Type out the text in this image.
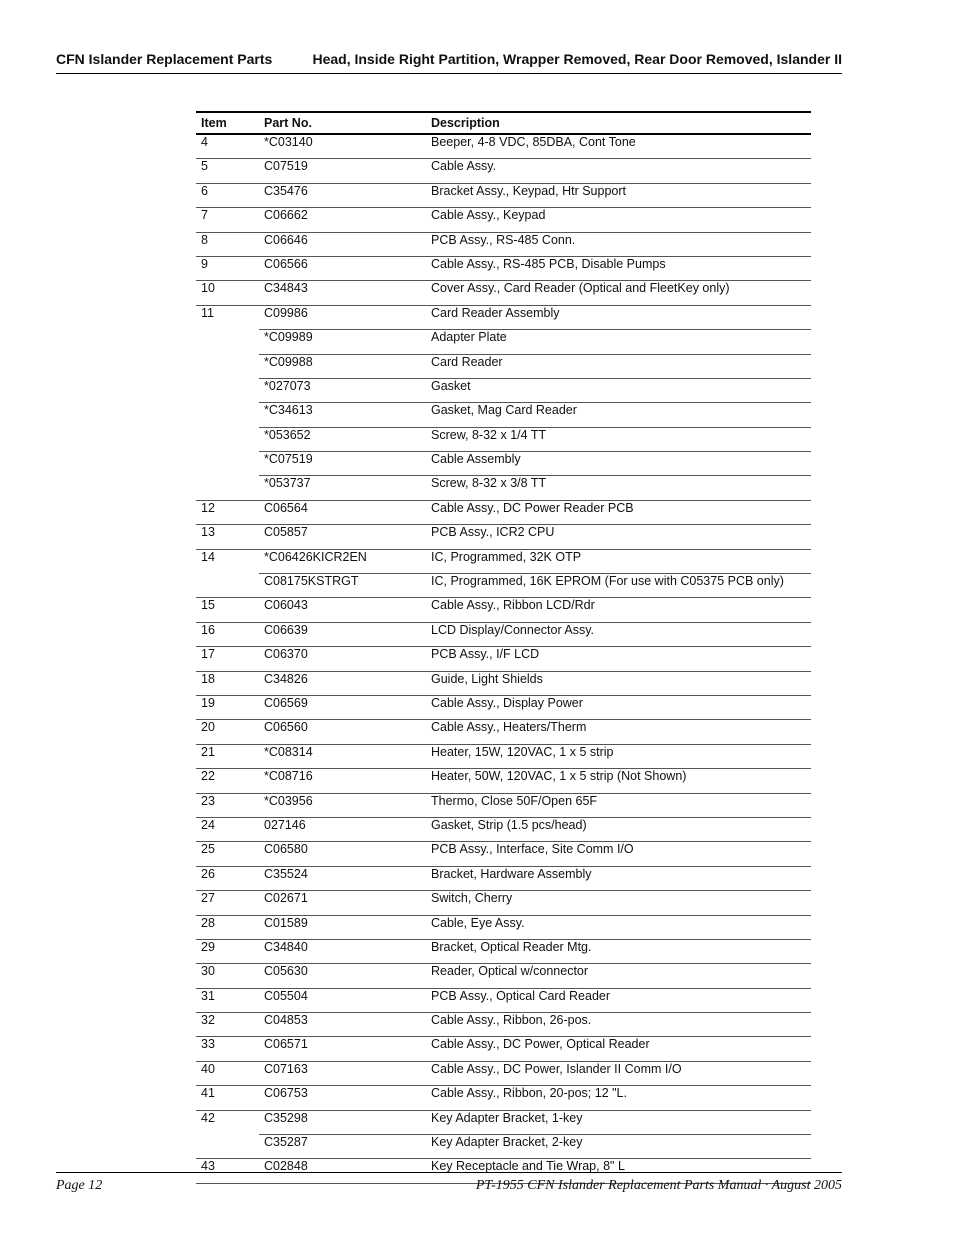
CFN Islander Replacement Parts	Head, Inside Right Partition, Wrapper Removed, Rear Door Removed, Islander II
Item	Part No.	Description
4	*C03140	Beeper, 4-8 VDC, 85DBA, Cont Tone
5	C07519	Cable Assy.
6	C35476	Bracket Assy., Keypad, Htr Support
7	C06662	Cable Assy., Keypad
8	C06646	PCB Assy., RS-485 Conn.
9	C06566	Cable Assy., RS-485 PCB, Disable Pumps
10	C34843	Cover Assy., Card Reader (Optical and FleetKey only)
11	C09986	Card Reader Assembly
	*C09989	Adapter Plate
	*C09988	Card Reader
	*027073	Gasket
	*C34613	Gasket, Mag Card Reader
	*053652	Screw, 8-32 x 1/4 TT
	*C07519	Cable Assembly
	*053737	Screw, 8-32 x 3/8 TT
12	C06564	Cable Assy., DC Power Reader PCB
13	C05857	PCB Assy., ICR2 CPU
14	*C06426KICR2EN	IC, Programmed, 32K OTP
	C08175KSTRGT	IC, Programmed, 16K EPROM (For use with C05375 PCB only)
15	C06043	Cable Assy., Ribbon LCD/Rdr
16	C06639	LCD Display/Connector Assy.
17	C06370	PCB Assy., I/F LCD
18	C34826	Guide, Light Shields
19	C06569	Cable Assy., Display Power
20	C06560	Cable Assy., Heaters/Therm
21	*C08314	Heater, 15W, 120VAC, 1 x 5 strip
22	*C08716	Heater, 50W, 120VAC, 1 x 5 strip (Not Shown)
23	*C03956	Thermo, Close 50F/Open 65F
24	027146	Gasket, Strip (1.5 pcs/head)
25	C06580	PCB Assy., Interface, Site Comm I/O
26	C35524	Bracket, Hardware Assembly
27	C02671	Switch, Cherry
28	C01589	Cable, Eye Assy.
29	C34840	Bracket, Optical Reader Mtg.
30	C05630	Reader, Optical w/connector
31	C05504	PCB Assy., Optical Card Reader
32	C04853	Cable Assy., Ribbon, 26-pos.
33	C06571	Cable Assy., DC Power, Optical Reader
40	C07163	Cable Assy., DC Power, Islander II Comm I/O
41	C06753	Cable Assy., Ribbon, 20-pos; 12 "L.
42	C35298	Key Adapter Bracket, 1-key
	C35287	Key Adapter Bracket, 2-key
43	C02848	Key Receptacle and Tie Wrap, 8" L
Page 12	PT-1955 CFN Islander Replacement Parts Manual · August 2005
